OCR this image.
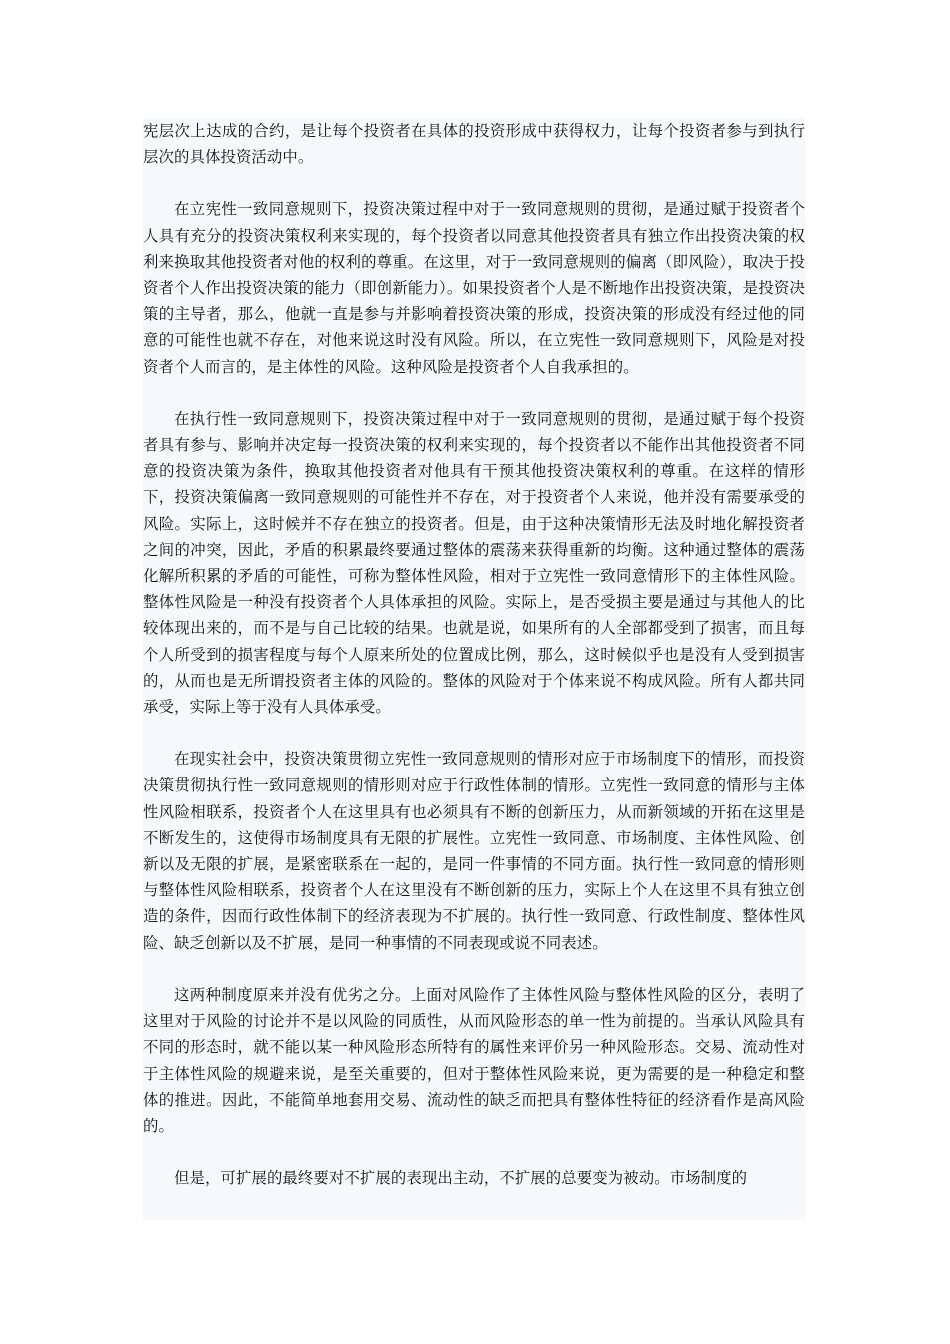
宪层次上达成的合约，是让每个投资者在具体的投资形成中获得权力，让每个投资者参与到执行层次的具体投资活动中。

在立宪性一致同意规则下，投资决策过程中对于一致同意规则的贯彻，是通过赋于投资者个人具有充分的投资决策权利来实现的，每个投资者以同意其他投资者具有独立作出投资决策的权利来换取其他投资者对他的权利的尊重。在这里，对于一致同意规则的偏离（即风险），取决于投资者个人作出投资决策的能力（即创新能力）。如果投资者个人是不断地作出投资决策，是投资决策的主导者，那么，他就一直是参与并影响着投资决策的形成，投资决策的形成没有经过他的同意的可能性也就不存在，对他来说这时没有风险。所以，在立宪性一致同意规则下，风险是对投资者个人而言的，是主体性的风险。这种风险是投资者个人自我承担的。

在执行性一致同意规则下，投资决策过程中对于一致同意规则的贯彻，是通过赋于每个投资者具有参与、影响并决定每一投资决策的权利来实现的，每个投资者以不能作出其他投资者不同意的投资决策为条件，换取其他投资者对他具有干预其他投资决策权利的尊重。在这样的情形下，投资决策偏离一致同意规则的可能性并不存在，对于投资者个人来说，他并没有需要承受的风险。实际上，这时候并不存在独立的投资者。但是，由于这种决策情形无法及时地化解投资者之间的冲突，因此，矛盾的积累最终要通过整体的震荡来获得重新的均衡。这种通过整体的震荡化解所积累的矛盾的可能性，可称为整体性风险，相对于立宪性一致同意情形下的主体性风险。整体性风险是一种没有投资者个人具体承担的风险。实际上，是否受损主要是通过与其他人的比较体现出来的，而不是与自己比较的结果。也就是说，如果所有的人全部都受到了损害，而且每个人所受到的损害程度与每个人原来所处的位置成比例，那么，这时候似乎也是没有人受到损害的，从而也是无所谓投资者主体的风险的。整体的风险对于个体来说不构成风险。所有人都共同承受，实际上等于没有人具体承受。

在现实社会中，投资决策贯彻立宪性一致同意规则的情形对应于市场制度下的情形，而投资决策贯彻执行性一致同意规则的情形则对应于行政性体制的情形。立宪性一致同意的情形与主体性风险相联系，投资者个人在这里具有也必须具有不断的创新压力，从而新领域的开拓在这里是不断发生的，这使得市场制度具有无限的扩展性。立宪性一致同意、市场制度、主体性风险、创新以及无限的扩展，是紧密联系在一起的，是同一件事情的不同方面。执行性一致同意的情形则与整体性风险相联系，投资者个人在这里没有不断创新的压力，实际上个人在这里不具有独立创造的条件，因而行政性体制下的经济表现为不扩展的。执行性一致同意、行政性制度、整体性风险、缺乏创新以及不扩展，是同一种事情的不同表现或说不同表述。

这两种制度原来并没有优劣之分。上面对风险作了主体性风险与整体性风险的区分，表明了这里对于风险的讨论并不是以风险的同质性，从而风险形态的单一性为前提的。当承认风险具有不同的形态时，就不能以某一种风险形态所特有的属性来评价另一种风险形态。交易、流动性对于主体性风险的规避来说，是至关重要的，但对于整体性风险来说，更为需要的是一种稳定和整体的推进。因此，不能简单地套用交易、流动性的缺乏而把具有整体性特征的经济看作是高风险的。

但是，可扩展的最终要对不扩展的表现出主动，不扩展的总要变为被动。市场制度的
